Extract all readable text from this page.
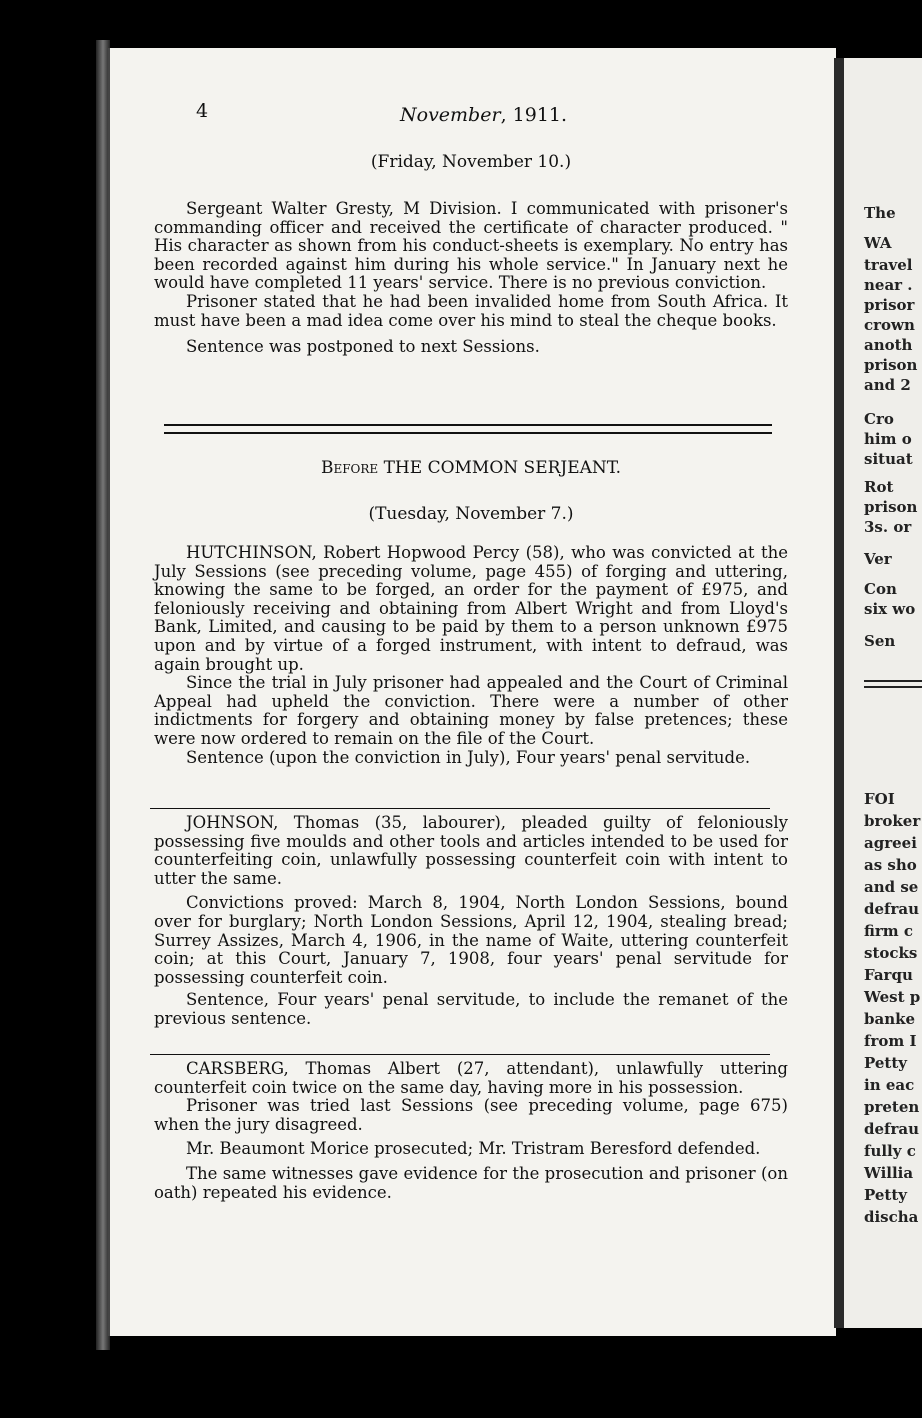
The
WA
travel
near .
prisor
crown
anoth
prison
and 2
Cro
him o
situat
Rot
prison
3s. or
Ver
Con
six wo
Sen
FOI
broker
agreei
as sho
and se
defrau
firm c
stocks
Farqu
West p
banke
from I
Petty
in eac
preten
defrau
fully c
Willia
Petty
discha
4	November, 1911.
(Friday, November 10.)

Sergeant Walter Gresty, M Division. I communicated with prisoner's commanding officer and received the certificate of character produced. " His character as shown from his conduct-sheets is exemplary. No entry has been recorded against him during his whole service." In January next he would have completed 11 years' service. There is no previous conviction.

Prisoner stated that he had been invalided home from South Africa. It must have been a mad idea come over his mind to steal the cheque books.

Sentence was postponed to next Sessions.

Before THE COMMON SERJEANT.
(Tuesday, November 7.)

HUTCHINSON, Robert Hopwood Percy (58), who was convicted at the July Sessions (see preceding volume, page 455) of forging and uttering, knowing the same to be forged, an order for the payment of £975, and feloniously receiving and obtaining from Albert Wright and from Lloyd's Bank, Limited, and causing to be paid by them to a person unknown £975 upon and by virtue of a forged instrument, with intent to defraud, was again brought up.

Since the trial in July prisoner had appealed and the Court of Criminal Appeal had upheld the conviction. There were a number of other indictments for forgery and obtaining money by false pretences; these were now ordered to remain on the file of the Court.

Sentence (upon the conviction in July), Four years' penal servitude.

JOHNSON, Thomas (35, labourer), pleaded guilty of feloniously possessing five moulds and other tools and articles intended to be used for counterfeiting coin, unlawfully possessing counterfeit coin with intent to utter the same.

Convictions proved: March 8, 1904, North London Sessions, bound over for burglary; North London Sessions, April 12, 1904, stealing bread; Surrey Assizes, March 4, 1906, in the name of Waite, uttering counterfeit coin; at this Court, January 7, 1908, four years' penal servitude for possessing counterfeit coin.

Sentence, Four years' penal servitude, to include the remanet of the previous sentence.

CARSBERG, Thomas Albert (27, attendant), unlawfully uttering counterfeit coin twice on the same day, having more in his possession.

Prisoner was tried last Sessions (see preceding volume, page 675) when the jury disagreed.

Mr. Beaumont Morice prosecuted; Mr. Tristram Beresford defended.

The same witnesses gave evidence for the prosecution and prisoner (on oath) repeated his evidence.
